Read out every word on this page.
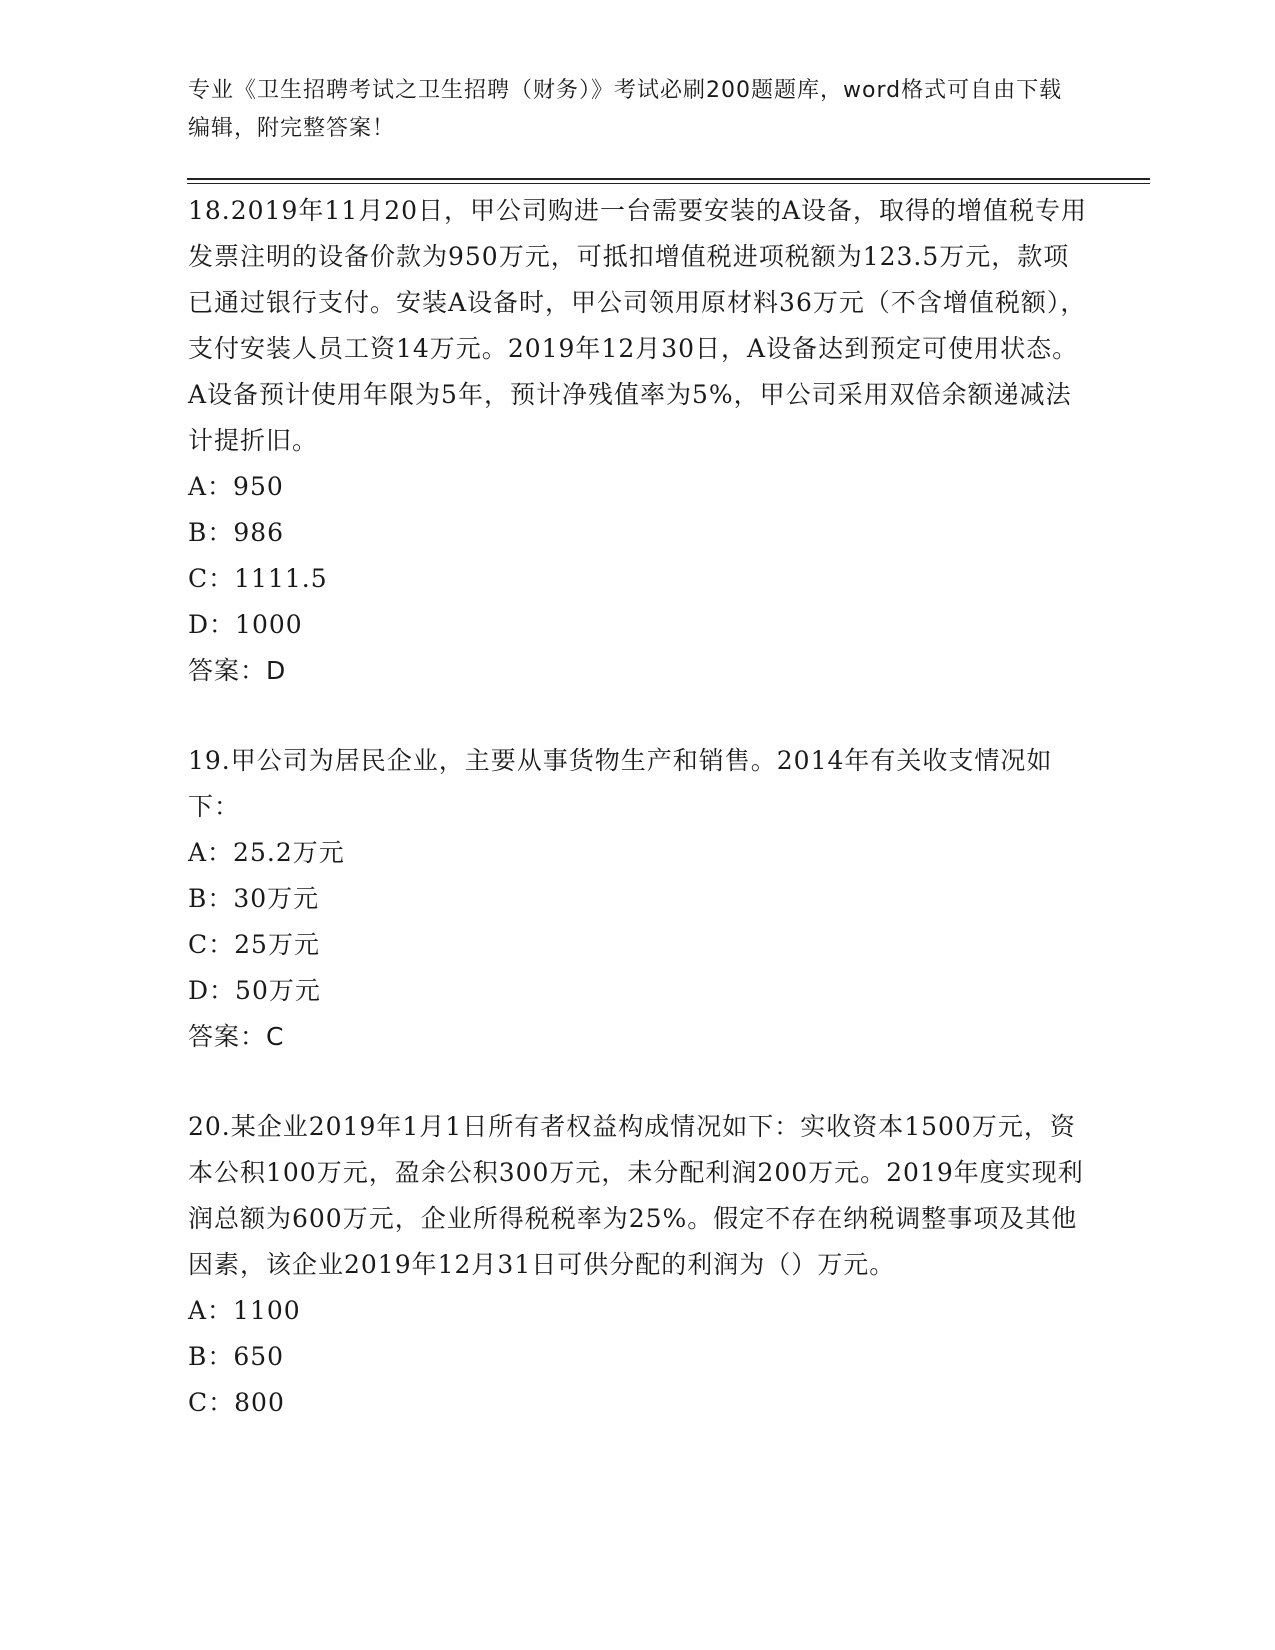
专业《卫生招聘考试之卫生招聘（财务）》考试必刷200题题库，word格式可自由下载编辑，附完整答案！

18.2019年11月20日，甲公司购进一台需要安装的A设备，取得的增值税专用发票注明的设备价款为950万元，可抵扣增值税进项税额为123.5万元，款项已通过银行支付。安装A设备时，甲公司领用原材料36万元（不含增值税额），支付安装人员工资14万元。2019年12月30日，A设备达到预定可使用状态。A设备预计使用年限为5年，预计净残值率为5%，甲公司采用双倍余额递减法计提折旧。

A：950

B：986

C：1111.5

D：1000

答案：D

19.甲公司为居民企业，主要从事货物生产和销售。2014年有关收支情况如下：

A：25.2万元

B：30万元

C：25万元

D：50万元

答案：C

20.某企业2019年1月1日所有者权益构成情况如下：实收资本1500万元，资本公积100万元，盈余公积300万元，未分配利润200万元。2019年度实现利润总额为600万元，企业所得税税率为25%。假定不存在纳税调整事项及其他因素，该企业2019年12月31日可供分配的利润为（）万元。

A：1100

B：650

C：800
